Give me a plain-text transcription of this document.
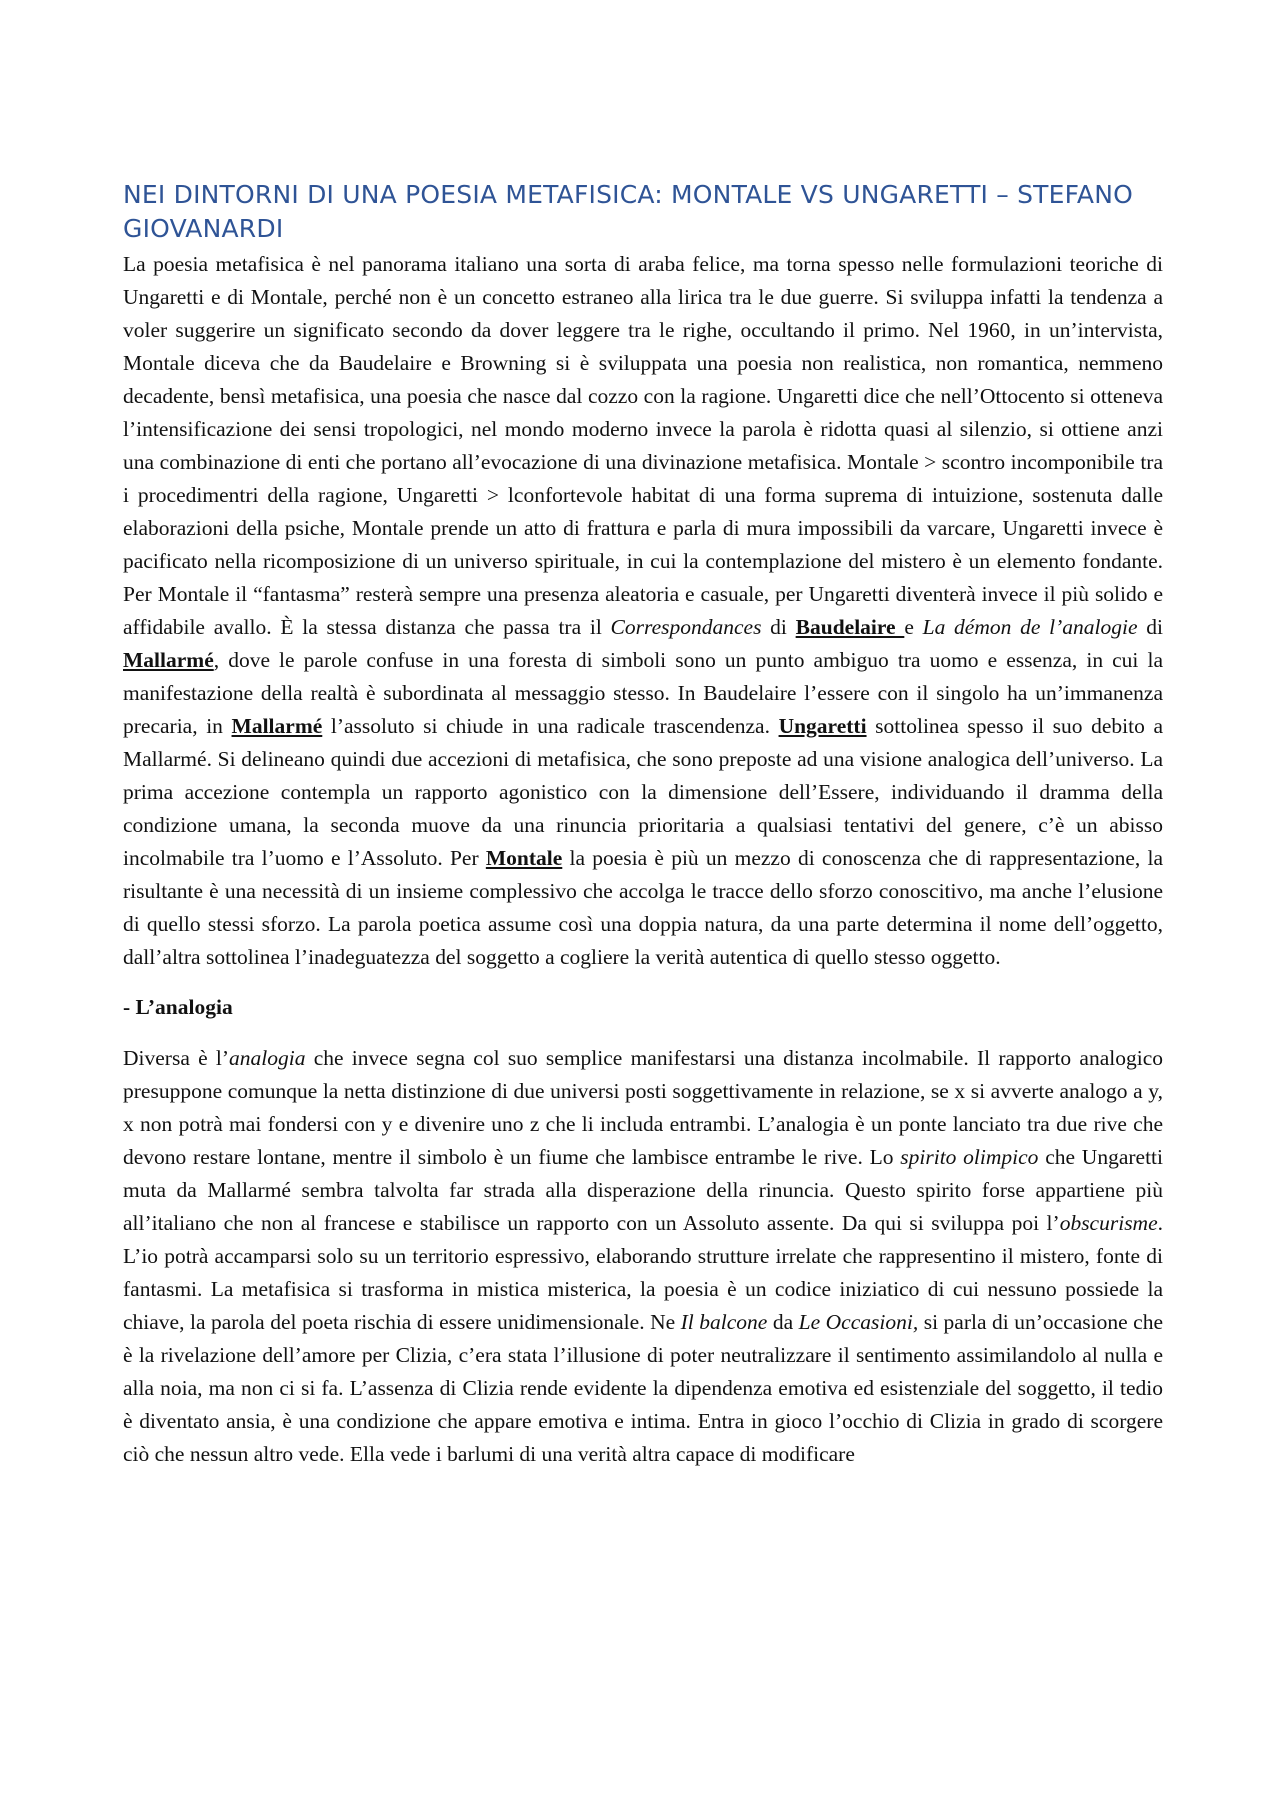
NEI DINTORNI DI UNA POESIA METAFISICA: MONTALE VS UNGARETTI – STEFANO GIOVANARDI

La poesia metafisica è nel panorama italiano una sorta di araba felice, ma torna spesso nelle formulazioni teoriche di Ungaretti e di Montale, perché non è un concetto estraneo alla lirica tra le due guerre. Si sviluppa infatti la tendenza a voler suggerire un significato secondo da dover leggere tra le righe, occultando il primo. Nel 1960, in un’intervista, Montale diceva che da Baudelaire e Browning si è sviluppata una poesia non realistica, non romantica, nemmeno decadente, bensì metafisica, una poesia che nasce dal cozzo con la ragione. Ungaretti dice che nell’Ottocento si otteneva l’intensificazione dei sensi tropologici, nel mondo moderno invece la parola è ridotta quasi al silenzio, si ottiene anzi una combinazione di enti che portano all’evocazione di una divinazione metafisica. Montale > scontro incomponibile tra i procedimentri della ragione, Ungaretti > lconfortevole habitat di una forma suprema di intuizione, sostenuta dalle elaborazioni della psiche, Montale prende un atto di frattura e parla di mura impossibili da varcare, Ungaretti invece è pacificato nella ricomposizione di un universo spirituale, in cui la contemplazione del mistero è un elemento fondante. Per Montale il “fantasma” resterà sempre una presenza aleatoria e casuale, per Ungaretti diventerà invece il più solido e affidabile avallo. È la stessa distanza che passa tra il Correspondances di Baudelaire e La démon de l’analogie di Mallarmé, dove le parole confuse in una foresta di simboli sono un punto ambiguo tra uomo e essenza, in cui la manifestazione della realtà è subordinata al messaggio stesso. In Baudelaire l’essere con il singolo ha un’immanenza precaria, in Mallarmé l’assoluto si chiude in una radicale trascendenza. Ungaretti sottolinea spesso il suo debito a Mallarmé. Si delineano quindi due accezioni di metafisica, che sono preposte ad una visione analogica dell’universo. La prima accezione contempla un rapporto agonistico con la dimensione dell’Essere, individuando il dramma della condizione umana, la seconda muove da una rinuncia prioritaria a qualsiasi tentativi del genere, c’è un abisso incolmabile tra l’uomo e l’Assoluto. Per Montale la poesia è più un mezzo di conoscenza che di rappresentazione, la risultante è una necessità di un insieme complessivo che accolga le tracce dello sforzo conoscitivo, ma anche l’elusione di quello stessi sforzo. La parola poetica assume così una doppia natura, da una parte determina il nome dell’oggetto, dall’altra sottolinea l’inadeguatezza del soggetto a cogliere la verità autentica di quello stesso oggetto.

- L’analogia

Diversa è l’analogia che invece segna col suo semplice manifestarsi una distanza incolmabile. Il rapporto analogico presuppone comunque la netta distinzione di due universi posti soggettivamente in relazione, se x si avverte analogo a y, x non potrà mai fondersi con y e divenire uno z che li includa entrambi. L’analogia è un ponte lanciato tra due rive che devono restare lontane, mentre il simbolo è un fiume che lambisce entrambe le rive. Lo spirito olimpico che Ungaretti muta da Mallarmé sembra talvolta far strada alla disperazione della rinuncia. Questo spirito forse appartiene più all’italiano che non al francese e stabilisce un rapporto con un Assoluto assente. Da qui si sviluppa poi l’obscurisme. L’io potrà accamparsi solo su un territorio espressivo, elaborando strutture irrelate che rappresentino il mistero, fonte di fantasmi. La metafisica si trasforma in mistica misterica, la poesia è un codice iniziatico di cui nessuno possiede la chiave, la parola del poeta rischia di essere unidimensionale. Ne Il balcone da Le Occasioni, si parla di un’occasione che è la rivelazione dell’amore per Clizia, c’era stata l’illusione di poter neutralizzare il sentimento assimilandolo al nulla e alla noia, ma non ci si fa. L’assenza di Clizia rende evidente la dipendenza emotiva ed esistenziale del soggetto, il tedio è diventato ansia, è una condizione che appare emotiva e intima. Entra in gioco l’occhio di Clizia in grado di scorgere ciò che nessun altro vede. Ella vede i barlumi di una verità altra capace di modificare
